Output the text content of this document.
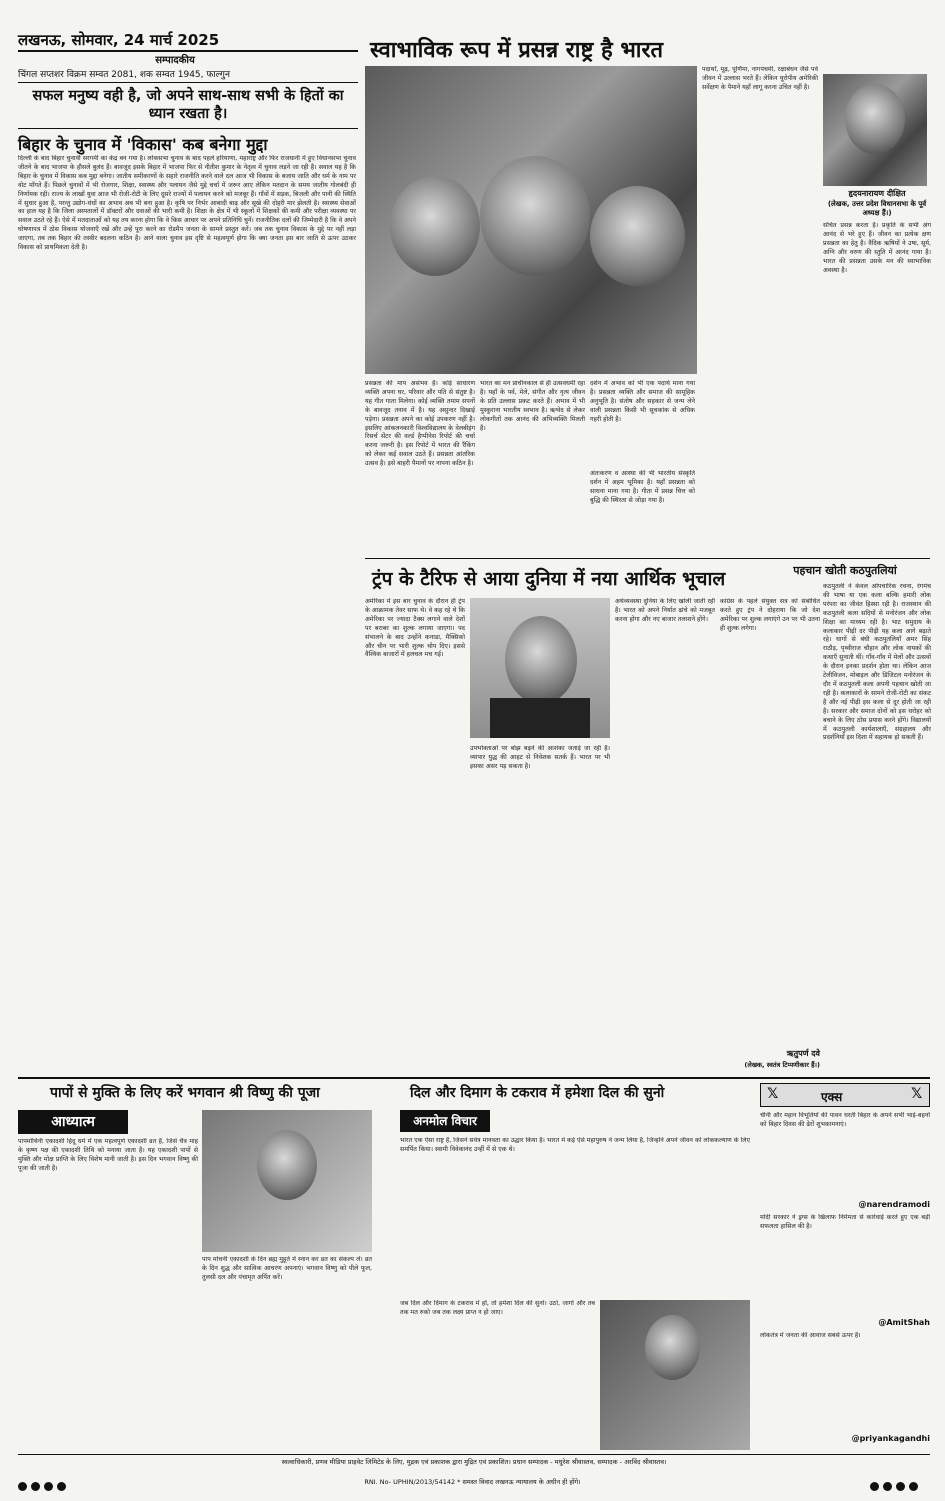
लखनऊ, सोमवार, 24 मार्च 2025
सम्पादकीय
चिंगल सप्तशर विक्रम सम्वत 2081, शक सम्वत 1945, फाल्गुन
सफल मनुष्य वही है, जो अपने साथ-साथ सभी के हितों का ध्यान रखता है।
बिहार के चुनाव में 'विकास' कब बनेगा मुद्दा

दिल्ली के बाद बिहार चुनावी सरगर्मी का केंद्र बन गया है। लोकसभा चुनाव के बाद पहले हरियाणा, महाराष्ट्र और फिर राजधानी में हुए विधानसभा चुनाव जीतने के बाद भाजपा के हौसले बुलंद हैं। बावजूद इसके बिहार में भाजपा फिर से नीतीश कुमार के नेतृत्व में चुनाव लड़ने जा रही है। सवाल यह है कि बिहार के चुनाव में विकास कब मुद्दा बनेगा। जातीय समीकरणों के सहारे राजनीति करने वाले दल आज भी विकास के बजाय जाति और धर्म के नाम पर वोट माँगते हैं। पिछले चुनावों में भी रोजगार, शिक्षा, स्वास्थ्य और पलायन जैसे मुद्दे चर्चा में जरूर आए लेकिन मतदान के समय जातीय गोलबंदी ही निर्णायक रही। राज्य के लाखों युवा आज भी रोजी-रोटी के लिए दूसरे राज्यों में पलायन करने को मजबूर हैं। गाँवों में सड़क, बिजली और पानी की स्थिति में सुधार हुआ है, परन्तु उद्योग-धंधों का अभाव अब भी बना हुआ है। कृषि पर निर्भर आबादी बाढ़ और सूखे की दोहरी मार झेलती है। स्वास्थ्य सेवाओं का हाल यह है कि जिला अस्पतालों में डॉक्टरों और दवाओं की भारी कमी है। शिक्षा के क्षेत्र में भी स्कूलों में शिक्षकों की कमी और परीक्षा व्यवस्था पर सवाल उठते रहे हैं। ऐसे में मतदाताओं को यह तय करना होगा कि वे किस आधार पर अपने प्रतिनिधि चुनें। राजनीतिक दलों की जिम्मेदारी है कि वे अपने घोषणापत्र में ठोस विकास योजनाएँ रखें और उन्हें पूरा करने का रोडमैप जनता के सामने प्रस्तुत करें। जब तक चुनाव विकास के मुद्दे पर नहीं लड़ा जाएगा, तब तक बिहार की तस्वीर बदलना कठिन है। आने वाला चुनाव इस दृष्टि से महत्वपूर्ण होगा कि क्या जनता इस बार जाति से ऊपर उठकर विकास को प्राथमिकता देती है।

स्वाभाविक रूप में प्रसन्न राष्ट्र है भारत

पदार्थों, मूढ़, पूर्णिमा, नागपंचमी, रक्षाबंधन जैसे पर्व जीवन में उल्लास भरते हैं। लेकिन यूरोपीय अमेरिकी सर्वेक्षण के पैमाने यहाँ लागू करना उचित नहीं है।

हृदयनारायण दीक्षित
(लेखक, उत्तर प्रदेश विधानसभा के पूर्व अध्यक्ष हैं।)

संचित प्रसन्न करता है। प्रकृति के सभी अंग आनंद से भरे हुए हैं। जीवन का प्रत्येक क्षण प्रसन्नता का हेतु है। वैदिक ऋषियों ने उषा, सूर्य, अग्नि और वरुण की स्तुति में आनंद गाया है। भारत की प्रसन्नता उसके मन की स्वाभाविक अवस्था है।

प्रसन्नता की माप असंभव है। कोई साधारण व्यक्ति अपना घर, परिवार और पति से संतुष्ट है। यह गीत गाता मिलेगा। कोई व्यक्ति तमाम सपनों के बावजूद तनाव में है। यह असुन्दर दिखाई पड़ेगा। प्रसन्नता अपने का कोई उपकरण नहीं है। इसलिए आंकलनकारी विश्वविद्यालय के वेलबीइंग रिसर्च सेंटर की वर्ल्ड हैप्पीनेस रिपोर्ट की चर्चा करना जरूरी है। इस रिपोर्ट में भारत की रैंकिंग को लेकर कई सवाल उठते हैं। प्रसन्नता आंतरिक उत्सव है। इसे बाहरी पैमानों पर नापना कठिन है।

भारत का मन प्राचीनकाल से ही उत्सवधर्मी रहा है। यहाँ के पर्व, मेले, संगीत और नृत्य जीवन के प्रति उल्लास प्रकट करते हैं। अभाव में भी मुस्कुराना भारतीय स्वभाव है। ऋग्वेद से लेकर लोकगीतों तक आनंद की अभिव्यक्ति मिलती है।

दर्शन में अभाव को भी एक पदार्थ माना गया है। प्रसन्नता व्यक्ति और समाज की सामूहिक अनुभूति है। संतोष और सहकार से जन्म लेने वाली प्रसन्नता किसी भी सूचकांक से अधिक गहरी होती है।

अंतःकरण व आस्था की भी भारतीय संस्कृति दर्शन में अहम भूमिका है। यहाँ प्रसन्नता को साधना माना गया है। गीता में प्रसन्न चित्त को बुद्धि की स्थिरता से जोड़ा गया है।

ट्रंप के टैरिफ से आया दुनिया में नया आर्थिक भूचाल	पहचान खोती कठपुतलियां

अमेरिका में इस बार चुनाव के दौरान ही ट्रंप के आक्रामक तेवर साफ थे। वे कह रहे थे कि अमेरिका पर ज्यादा टैक्स लगाने वाले देशों पर बराबर का शुल्क लगाया जाएगा। पद संभालने के बाद उन्होंने कनाडा, मैक्सिको और चीन पर भारी शुल्क थोप दिए। इससे वैश्विक बाजारों में हलचल मच गई।

उपभोक्ताओं पर बोझ बढ़ने की आशंका जताई जा रही है। व्यापार युद्ध की आहट से निवेशक सतर्क हैं। भारत पर भी इसका असर पड़ सकता है।

अर्थव्यवस्था दुनिया के लिए खोली जाती रही है। भारत को अपने निर्यात ढांचे को मजबूत करना होगा और नए बाजार तलाशने होंगे।

कांग्रेस के पहले संयुक्त सत्र को संबोधित करते हुए ट्रंप ने दोहराया कि जो देश अमेरिका पर शुल्क लगाएंगे उन पर भी उतना ही शुल्क लगेगा।

ऋतुपर्ण दवे
(लेखक, स्वतंत्र टिप्पणीकार हैं।)

कठपुतली ने केवल ओपचारिक रचना, रंगमंच की भाषा या एक कला बल्कि हमारी लोक परंपरा का जीवंत हिस्सा रही है। राजस्थान की कठपुतली कला सदियों से मनोरंजन और लोक शिक्षा का माध्यम रही है। भाट समुदाय के कलाकार पीढ़ी दर पीढ़ी यह कला आगे बढ़ाते रहे। धागों से बंधी कठपुतलियाँ अमर सिंह राठौड़, पृथ्वीराज चौहान और लोक नायकों की कथाएँ सुनाती थीं। गाँव-गाँव में मेलों और उत्सवों के दौरान इनका प्रदर्शन होता था। लेकिन आज टेलीविजन, मोबाइल और डिजिटल मनोरंजन के दौर में कठपुतली कला अपनी पहचान खोती जा रही है। कलाकारों के सामने रोजी-रोटी का संकट है और नई पीढ़ी इस कला से दूर होती जा रही है। सरकार और समाज दोनों को इस धरोहर को बचाने के लिए ठोस प्रयास करने होंगे। विद्यालयों में कठपुतली कार्यशालाएँ, संग्रहालय और प्रदर्शनियाँ इस दिशा में सहायक हो सकती हैं।

पापों से मुक्ति के लिए करें भगवान श्री विष्णु की पूजा
आध्यात्म

पापमोचिनी एकादशी हिंदू धर्म में एक महत्वपूर्ण एकादशी व्रत है, जिसे चैत्र माह के कृष्ण पक्ष की एकादशी तिथि को मनाया जाता है। यह एकादशी पापों से मुक्ति और मोक्ष प्राप्ति के लिए विशेष मानी जाती है। इस दिन भगवान विष्णु की पूजा की जाती है।

पाप मोचनी एकादशी के दिन ब्रह्म मुहूर्त में स्नान कर व्रत का संकल्प लें। व्रत के दिन शुद्ध और सात्विक आचरण अपनाएं। भगवान विष्णु को पीले फूल, तुलसी दल और पंचामृत अर्पित करें।

दिल और दिमाग के टकराव में हमेशा दिल की सुनो
अनमोल विचार

भारत एक ऐसा राष्ट्र है, जिसने सर्वत्र मानवता का उद्धार किया है। भारत में कई ऐसे महापुरुष ने जन्म लिया है, जिन्होंने अपने जीवन को लोककल्याण के लिए समर्पित किया। स्वामी विवेकानंद उन्हीं में से एक थे।

जब दिल और दिमाग के टकराव में हों, तो हमेशा दिल की सुनो। उठो, जागो और तब तक मत रुको जब तक लक्ष्य प्राप्त न हो जाए।

𝕏	एक्स	𝕏

चीनी और महान विभूतियों की पावन धरती बिहार के अपने सभी भाई-बहनों को बिहार दिवस की ढेरों शुभकामनाएं।

@narendramodi

मोदी सरकार ने ड्रग्स के खिलाफ निर्ममता से कार्रवाई करते हुए एक बड़ी सफलता हासिल की है।

@AmitShah

लोकतंत्र में जनता की आवाज सबसे ऊपर है।

@priyankagandhi
स्वत्वाधिकारी, प्रणव मीडिया प्राइवेट लिमिटेड के लिए, मुद्रक एवं प्रकाशक द्वारा मुद्रित एवं प्रकाशित। प्रधान सम्पादक - मधुरेश श्रीवास्तव, सम्पादक - अरविंद श्रीवास्तव।
RNI. No- UPHIN/2013/54142 * समस्त विवाद लखनऊ न्यायालय के अधीन ही होंगे।
